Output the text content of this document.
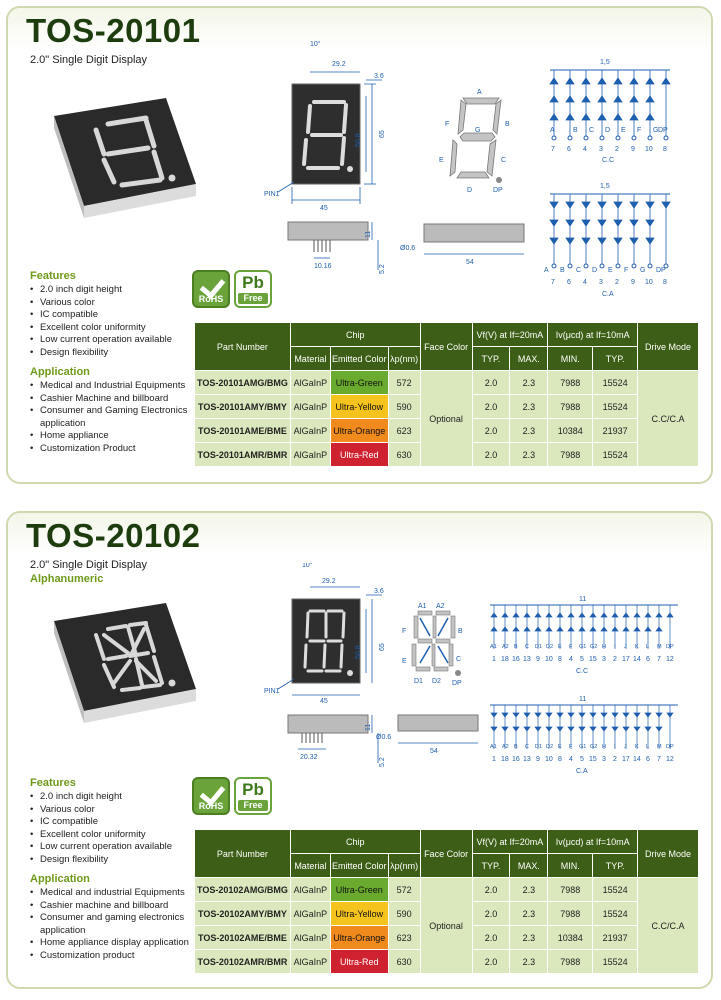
TOS-20101
2.0" Single Digit Display
10°
29.2
3.6
50.8 65
45
PIN1
10.16
11
5.2
Ø0.6
54
A
B
C
D
E
F
G
DP
1,5
A	B C D E F G DP
7 6 4 3 2 9 10 8
C.C
1,5
A B C D E F G DP
7 6 4 3 2 9 10 8
C.A
RoHS
Pb
Free
Features
• 2.0 inch digit height
• Various color
• IC compatible
• Excellent color uniformity
• Low current operation available
• Design flexibility
Application
• Medical and Industrial Equipments
• Cashier Machine and billboard
• Consumer and Gaming Electronics application
• Home appliance
• Customization Product
Part Number	Chip			Face Color	Vf(V) at If=20mA		Iv(μcd) at If=10mA		Drive Mode
	Material	Emitted Color	λp(nm)		TYP.	MAX.	MIN.	TYP.	
TOS-20101AMG/BMG	AlGaInP	Ultra-Green	572	Optional	2.0	2.3	7988	15524	C.C/C.A
TOS-20101AMY/BMY	AlGaInP	Ultra-Yellow	590		2.0	2.3	7988	15524	
TOS-20101AME/BME	AlGaInP	Ultra-Orange	623		2.0	2.3	10384	21937	
TOS-20101AMR/BMR	AlGaInP	Ultra-Red	630		2.0	2.3	7988	15524	
TOS-20102
2.0" Single Digit Display
Alphanumeric
10°
29.2
3.6
50.8 65
45
PIN1
20.32
11
5.2
Ø0.6
54
A1 A2
F	B
E	C
D1 D2 DP
11
A1 A2 B C D1 D2 E F G1 G2 H I J K L M DP
1 18 16 13 9 10 8 4 5 15 3 2 17 14 6 7 12
C.C
11
A1 A2 B C D1 D2 E F G1 G2 H I J K L M DP
1 18 16 13 9 10 8 4 5 15 3 2 17 14 6 7 12
C.A
RoHS
Pb
Free
Features
• 2.0 inch digit height
• Various color
• IC compatible
• Excellent color uniformity
• Low current operation available
• Design flexibility
Application
• Medical and industrial Equipments
• Cashier machine and billboard
• Consumer and gaming electronics application
• Home appliance display application
• Customization product
Part Number	Chip			Face Color	Vf(V) at If=20mA		Iv(μcd) at If=10mA		Drive Mode
	Material	Emitted Color	λp(nm)		TYP.	MAX.	MIN.	TYP.	
TOS-20102AMG/BMG	AlGaInP	Ultra-Green	572	Optional	2.0	2.3	7988	15524	C.C/C.A
TOS-20102AMY/BMY	AlGaInP	Ultra-Yellow	590		2.0	2.3	7988	15524	
TOS-20102AME/BME	AlGaInP	Ultra-Orange	623		2.0	2.3	10384	21937	
TOS-20102AMR/BMR	AlGaInP	Ultra-Red	630		2.0	2.3	7988	15524	
